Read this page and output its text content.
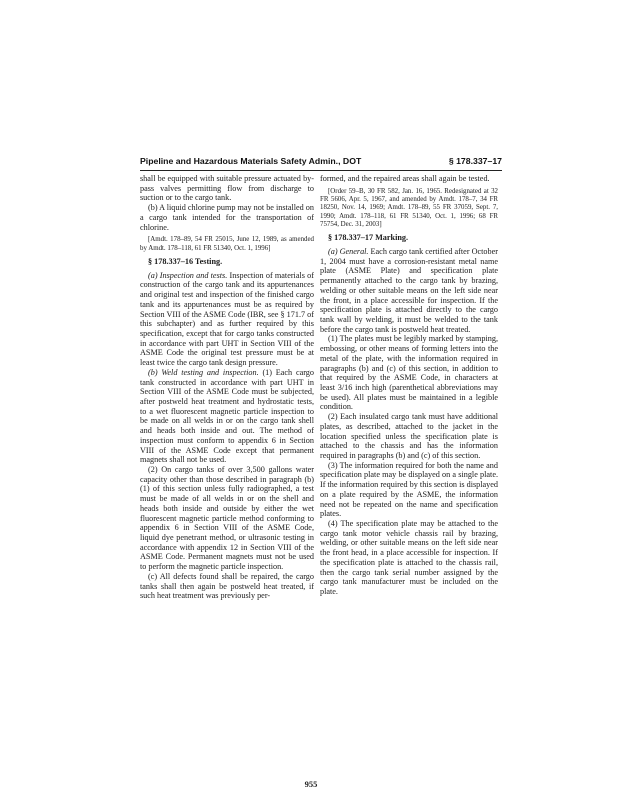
Pipeline and Hazardous Materials Safety Admin., DOT	§ 178.337–17

shall be equipped with suitable pressure actuated by-pass valves permitting flow from discharge to suction or to the cargo tank.

(b) A liquid chlorine pump may not be installed on a cargo tank intended for the transportation of chlorine.

[Amdt. 178–89, 54 FR 25015, June 12, 1989, as amended by Amdt. 178–118, 61 FR 51340, Oct. 1, 1996]

§ 178.337–16 Testing.

(a) Inspection and tests. Inspection of materials of construction of the cargo tank and its appurtenances and original test and inspection of the finished cargo tank and its appurtenances must be as required by Section VIII of the ASME Code (IBR, see § 171.7 of this subchapter) and as further required by this specification, except that for cargo tanks constructed in accordance with part UHT in Section VIII of the ASME Code the original test pressure must be at least twice the cargo tank design pressure.

(b) Weld testing and inspection. (1) Each cargo tank constructed in accordance with part UHT in Section VIII of the ASME Code must be subjected, after postweld heat treatment and hydrostatic tests, to a wet fluorescent magnetic particle inspection to be made on all welds in or on the cargo tank shell and heads both inside and out. The method of inspection must conform to appendix 6 in Section VIII of the ASME Code except that permanent magnets shall not be used.

(2) On cargo tanks of over 3,500 gallons water capacity other than those described in paragraph (b)(1) of this section unless fully radiographed, a test must be made of all welds in or on the shell and heads both inside and outside by either the wet fluorescent magnetic particle method conforming to appendix 6 in Section VIII of the ASME Code, liquid dye penetrant method, or ultrasonic testing in accordance with appendix 12 in Section VIII of the ASME Code. Permanent magnets must not be used to perform the magnetic particle inspection.

(c) All defects found shall be repaired, the cargo tanks shall then again be postweld heat treated, if such heat treatment was previously per-

formed, and the repaired areas shall again be tested.

[Order 59–B, 30 FR 582, Jan. 16, 1965. Redesignated at 32 FR 5606, Apr. 5, 1967, and amended by Amdt. 178–7, 34 FR 18250, Nov. 14, 1969; Amdt. 178–89, 55 FR 37059, Sept. 7, 1990; Amdt. 178–118, 61 FR 51340, Oct. 1, 1996; 68 FR 75754, Dec. 31, 2003]

§ 178.337–17 Marking.

(a) General. Each cargo tank certified after October 1, 2004 must have a corrosion-resistant metal name plate (ASME Plate) and specification plate permanently attached to the cargo tank by brazing, welding or other suitable means on the left side near the front, in a place accessible for inspection. If the specification plate is attached directly to the cargo tank wall by welding, it must be welded to the tank before the cargo tank is postweld heat treated.

(1) The plates must be legibly marked by stamping, embossing, or other means of forming letters into the metal of the plate, with the information required in paragraphs (b) and (c) of this section, in addition to that required by the ASME Code, in characters at least 3/16 inch high (parenthetical abbreviations may be used). All plates must be maintained in a legible condition.

(2) Each insulated cargo tank must have additional plates, as described, attached to the jacket in the location specified unless the specification plate is attached to the chassis and has the information required in paragraphs (b) and (c) of this section.

(3) The information required for both the name and specification plate may be displayed on a single plate. If the information required by this section is displayed on a plate required by the ASME, the information need not be repeated on the name and specification plates.

(4) The specification plate may be attached to the cargo tank motor vehicle chassis rail by brazing, welding, or other suitable means on the left side near the front head, in a place accessible for inspection. If the specification plate is attached to the chassis rail, then the cargo tank serial number assigned by the cargo tank manufacturer must be included on the plate.

955
